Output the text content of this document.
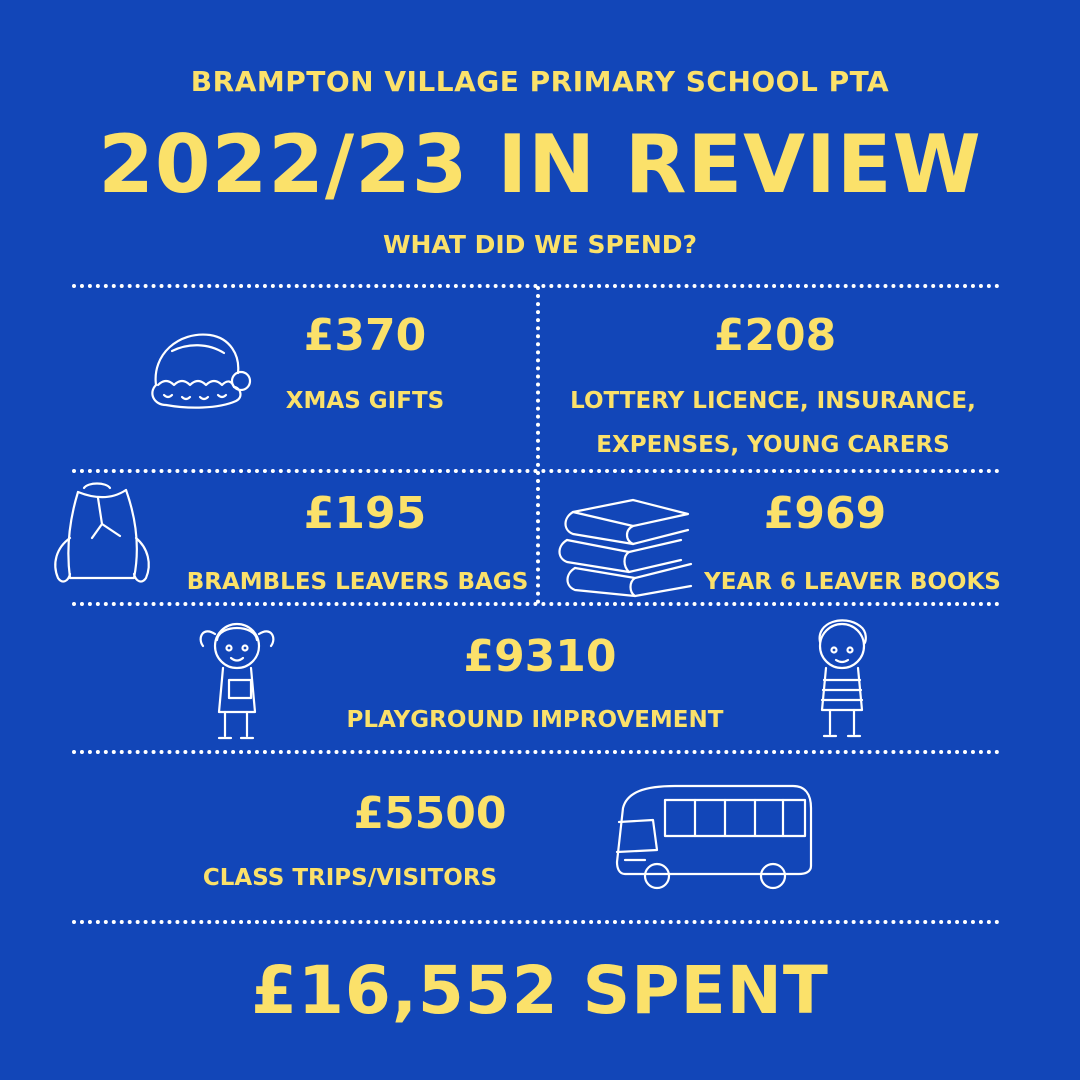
BRAMPTON VILLAGE PRIMARY SCHOOL PTA
2022/23 IN REVIEW
WHAT DID WE SPEND?
£370
XMAS GIFTS
£208
LOTTERY LICENCE, INSURANCE,
EXPENSES, YOUNG CARERS
£195
BRAMBLES LEAVERS BAGS
£969
YEAR 6 LEAVER BOOKS
£9310
PLAYGROUND IMPROVEMENT
£5500
CLASS TRIPS/VISITORS
£16,552 SPENT
